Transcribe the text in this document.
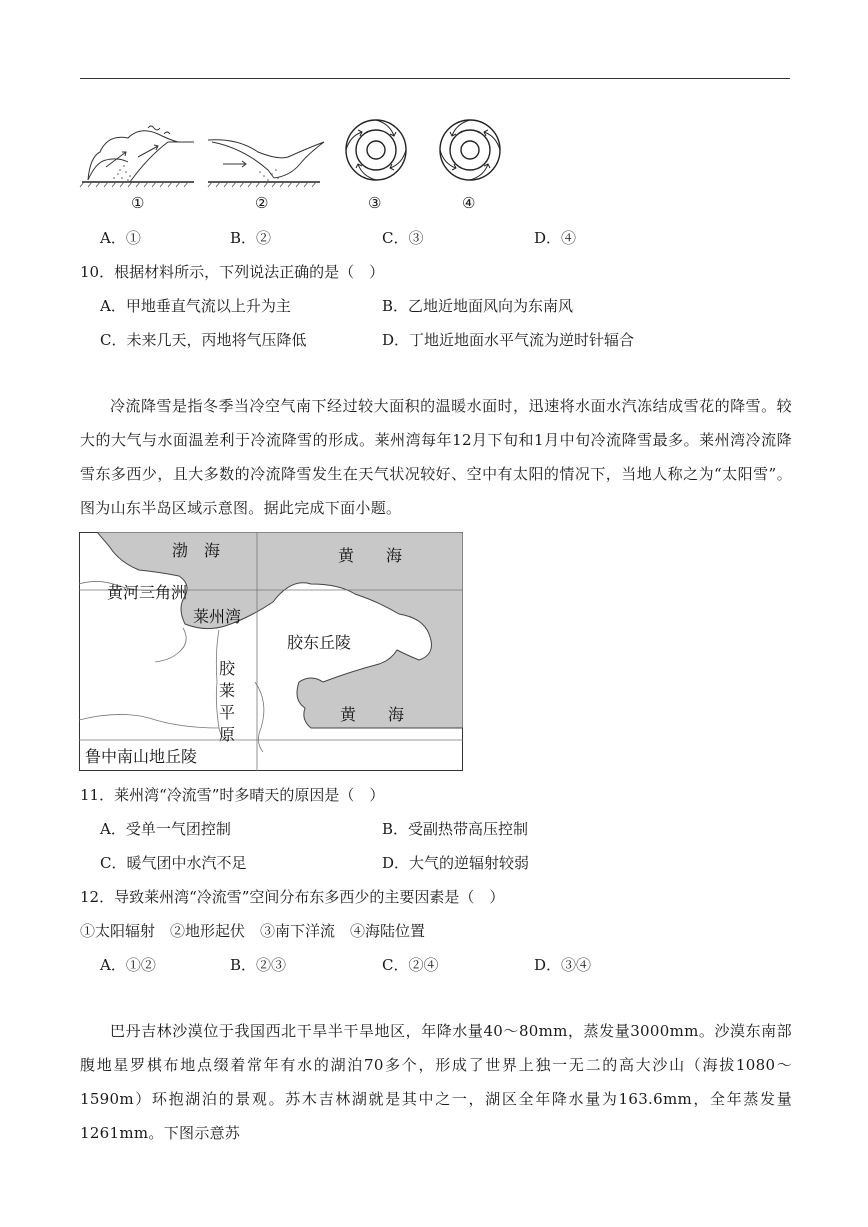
①	②	③	④
A．①	B．②	C．③	D．④
10．根据材料所示，下列说法正确的是（　）
A．甲地垂直气流以上升为主	B．乙地近地面风向为东南风
C．未来几天，丙地将气压降低	D．丁地近地面水平气流为逆时针辐合
冷流降雪是指冬季当冷空气南下经过较大面积的温暖水面时，迅速将水面水汽冻结成雪花的降雪。较大的大气与水面温差利于冷流降雪的形成。莱州湾每年12月下旬和1月中旬冷流降雪最多。莱州湾冷流降雪东多西少，且大多数的冷流降雪发生在天气状况较好、空中有太阳的情况下，当地人称之为“太阳雪”。图为山东半岛区域示意图。据此完成下面小题。
渤　海	黄　　海
黄河三角洲
莱州湾
胶东丘陵
胶
莱
平
原
黄　　海
鲁中南山地丘陵
11．莱州湾“冷流雪”时多晴天的原因是（　）
A．受单一气团控制	B．受副热带高压控制
C．暖气团中水汽不足	D．大气的逆辐射较弱
12．导致莱州湾“冷流雪”空间分布东多西少的主要因素是（　）
①太阳辐射　②地形起伏　③南下洋流　④海陆位置
A．①②	B．②③	C．②④	D．③④
巴丹吉林沙漠位于我国西北干旱半干旱地区，年降水量40～80mm，蒸发量3000mm。沙漠东南部腹地星罗棋布地点缀着常年有水的湖泊70多个，形成了世界上独一无二的高大沙山（海拔1080～1590m）环抱湖泊的景观。苏木吉林湖就是其中之一，湖区全年降水量为163.6mm，全年蒸发量1261mm。下图示意苏
